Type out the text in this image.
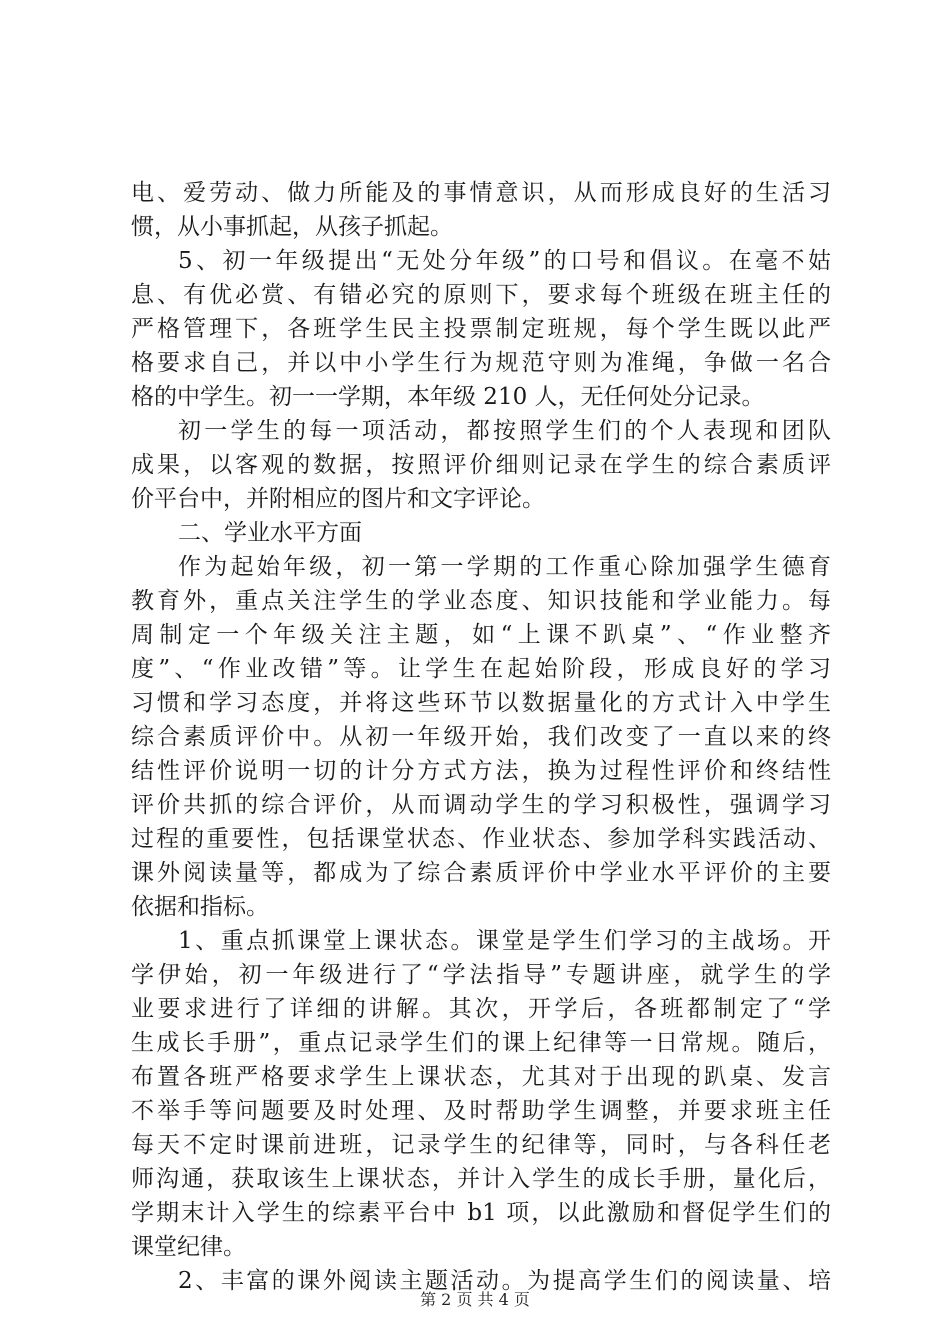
电、爱劳动、做力所能及的事情意识，从而形成良好的生活习
惯，从小事抓起，从孩子抓起。
5、初一年级提出“无处分年级”的口号和倡议。在毫不姑
息、有优必赏、有错必究的原则下，要求每个班级在班主任的
严格管理下，各班学生民主投票制定班规，每个学生既以此严
格要求自己，并以中小学生行为规范守则为准绳，争做一名合
格的中学生。初一一学期，本年级 210 人，无任何处分记录。
初一学生的每一项活动，都按照学生们的个人表现和团队
成果，以客观的数据，按照评价细则记录在学生的综合素质评
价平台中，并附相应的图片和文字评论。
二、学业水平方面
作为起始年级，初一第一学期的工作重心除加强学生德育
教育外，重点关注学生的学业态度、知识技能和学业能力。每
周制定一个年级关注主题，如“上课不趴桌”、“作业整齐
度”、“作业改错”等。让学生在起始阶段，形成良好的学习
习惯和学习态度，并将这些环节以数据量化的方式计入中学生
综合素质评价中。从初一年级开始，我们改变了一直以来的终
结性评价说明一切的计分方式方法，换为过程性评价和终结性
评价共抓的综合评价，从而调动学生的学习积极性，强调学习
过程的重要性，包括课堂状态、作业状态、参加学科实践活动、
课外阅读量等，都成为了综合素质评价中学业水平评价的主要
依据和指标。
1、重点抓课堂上课状态。课堂是学生们学习的主战场。开
学伊始，初一年级进行了“学法指导”专题讲座，就学生的学
业要求进行了详细的讲解。其次，开学后，各班都制定了“学
生成长手册”，重点记录学生们的课上纪律等一日常规。随后，
布置各班严格要求学生上课状态，尤其对于出现的趴桌、发言
不举手等问题要及时处理、及时帮助学生调整，并要求班主任
每天不定时课前进班，记录学生的纪律等，同时，与各科任老
师沟通，获取该生上课状态，并计入学生的成长手册，量化后，
学期末计入学生的综素平台中 b1 项，以此激励和督促学生们的
课堂纪律。
2、丰富的课外阅读主题活动。为提高学生们的阅读量、培
第 2 页 共 4 页
